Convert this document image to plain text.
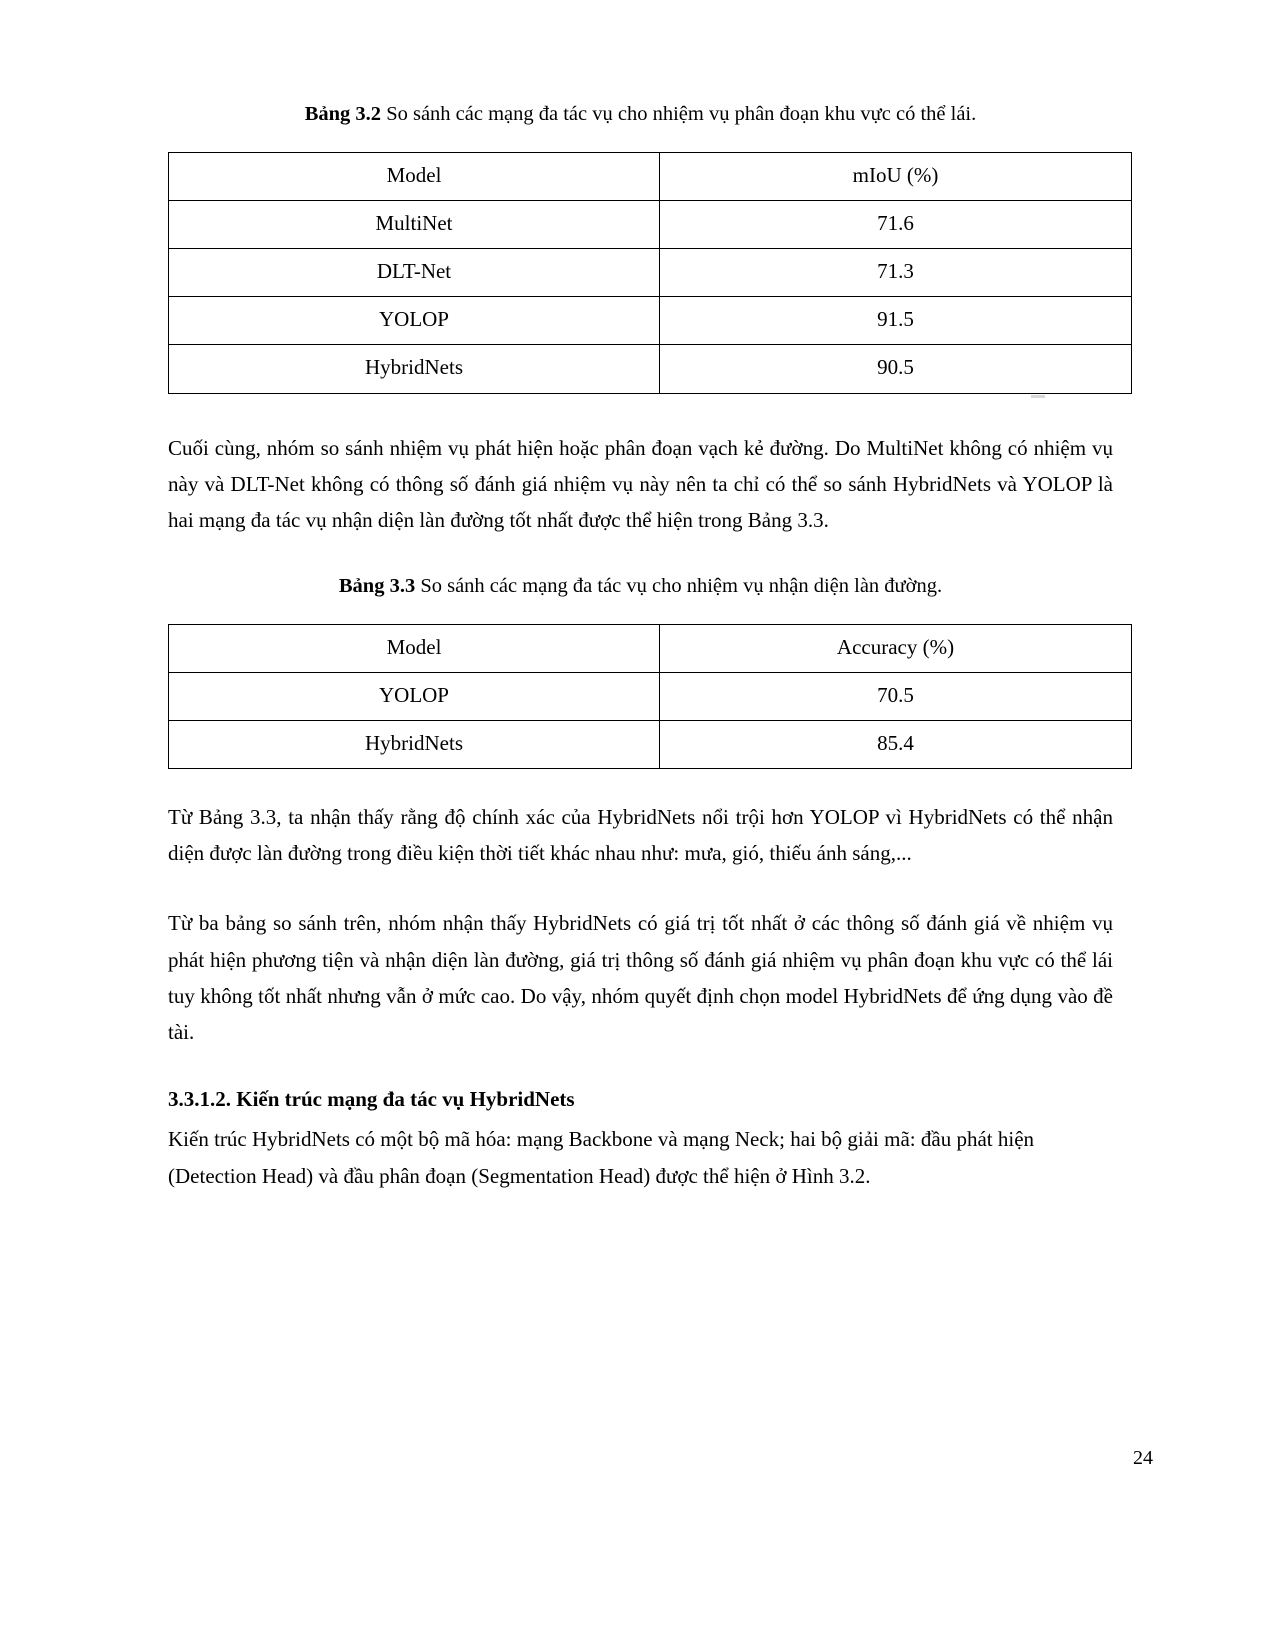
Bảng 3.2 So sánh các mạng đa tác vụ cho nhiệm vụ phân đoạn khu vực có thể lái.

Model	mIoU (%)
MultiNet	71.6
DLT-Net	71.3
YOLOP	91.5
HybridNets	90.5

Cuối cùng, nhóm so sánh nhiệm vụ phát hiện hoặc phân đoạn vạch kẻ đường. Do MultiNet không có nhiệm vụ này và DLT-Net không có thông số đánh giá nhiệm vụ này nên ta chỉ có thể so sánh HybridNets và YOLOP là hai mạng đa tác vụ nhận diện làn đường tốt nhất được thể hiện trong Bảng 3.3.

Bảng 3.3 So sánh các mạng đa tác vụ cho nhiệm vụ nhận diện làn đường.

Model	Accuracy (%)
YOLOP	70.5
HybridNets	85.4

Từ Bảng 3.3, ta nhận thấy rằng độ chính xác của HybridNets nổi trội hơn YOLOP vì HybridNets có thể nhận diện được làn đường trong điều kiện thời tiết khác nhau như: mưa, gió, thiếu ánh sáng,...

Từ ba bảng so sánh trên, nhóm nhận thấy HybridNets có giá trị tốt nhất ở các thông số đánh giá về nhiệm vụ phát hiện phương tiện và nhận diện làn đường, giá trị thông số đánh giá nhiệm vụ phân đoạn khu vực có thể lái tuy không tốt nhất nhưng vẫn ở mức cao. Do vậy, nhóm quyết định chọn model HybridNets để ứng dụng vào đề tài.

3.3.1.2. Kiến trúc mạng đa tác vụ HybridNets

Kiến trúc HybridNets có một bộ mã hóa: mạng Backbone và mạng Neck; hai bộ giải mã: đầu phát hiện (Detection Head) và đầu phân đoạn (Segmentation Head) được thể hiện ở Hình 3.2.

24
